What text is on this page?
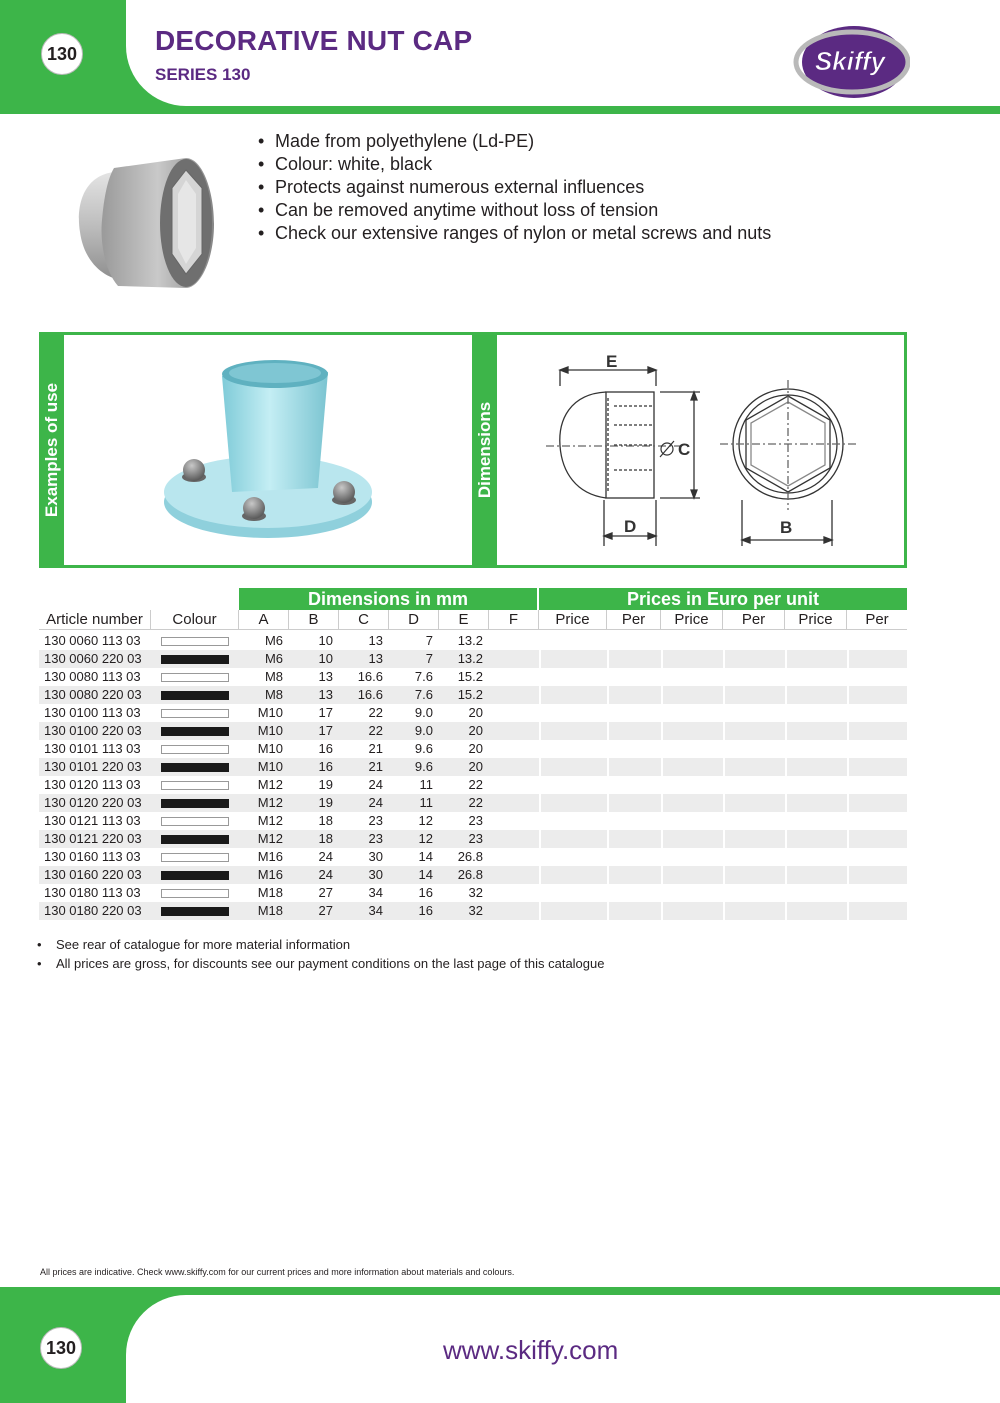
130	DECORATIVE NUT CAP
SERIES 130	Skiffy
• Made from polyethylene (Ld-PE)
• Colour: white, black
• Protects against numerous external influences
• Can be removed anytime without loss of tension
• Check our extensive ranges of nylon or metal screws and nuts
Examples of use	Dimensions
E
C
D	B
Dimensions in mm	Prices in Euro per unit
Article number	Colour	A	B	C	D	E	F	Price	Per	Price	Per	Price	Per
130 0060 113 03	M6	10	13	7	13.2
130 0060 220 03	M6	10	13	7	13.2
130 0080 113 03	M8	13	16.6	7.6	15.2
130 0080 220 03	M8	13	16.6	7.6	15.2
130 0100 113 03	M10	17	22	9.0	20
130 0100 220 03	M10	17	22	9.0	20
130 0101 113 03	M10	16	21	9.6	20
130 0101 220 03	M10	16	21	9.6	20
130 0120 113 03	M12	19	24	11	22
130 0120 220 03	M12	19	24	11	22
130 0121 113 03	M12	18	23	12	23
130 0121 220 03	M12	18	23	12	23
130 0160 113 03	M16	24	30	14	26.8
130 0160 220 03	M16	24	30	14	26.8
130 0180 113 03	M18	27	34	16	32
130 0180 220 03	M18	27	34	16	32
•	See rear of catalogue for more material information
•	All prices are gross, for discounts see our payment conditions on the last page of this catalogue
All prices are indicative. Check www.skiffy.com for our current prices and more information about materials and colours.
130	www.skiffy.com
